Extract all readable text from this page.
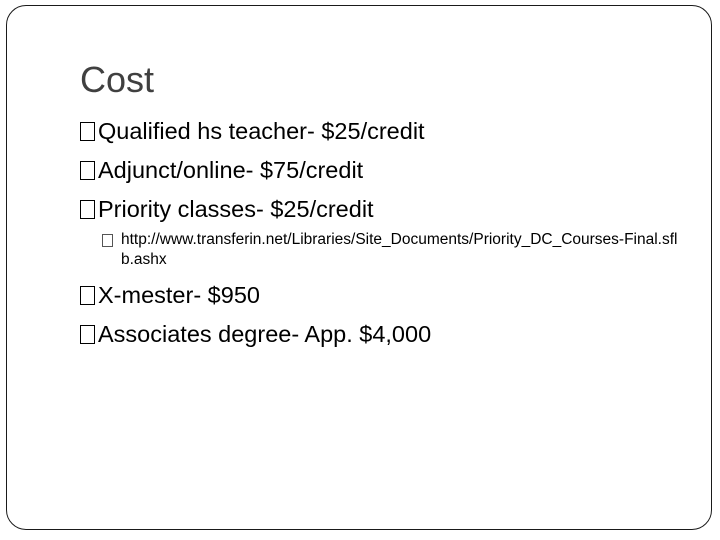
Cost
Qualified hs teacher- $25/credit
Adjunct/online- $75/credit
Priority classes- $25/credit
http://www.transferin.net/Libraries/Site_Documents/Priority_DC_Courses-Final.sflb.ashx
X-mester- $950
Associates degree- App. $4,000
